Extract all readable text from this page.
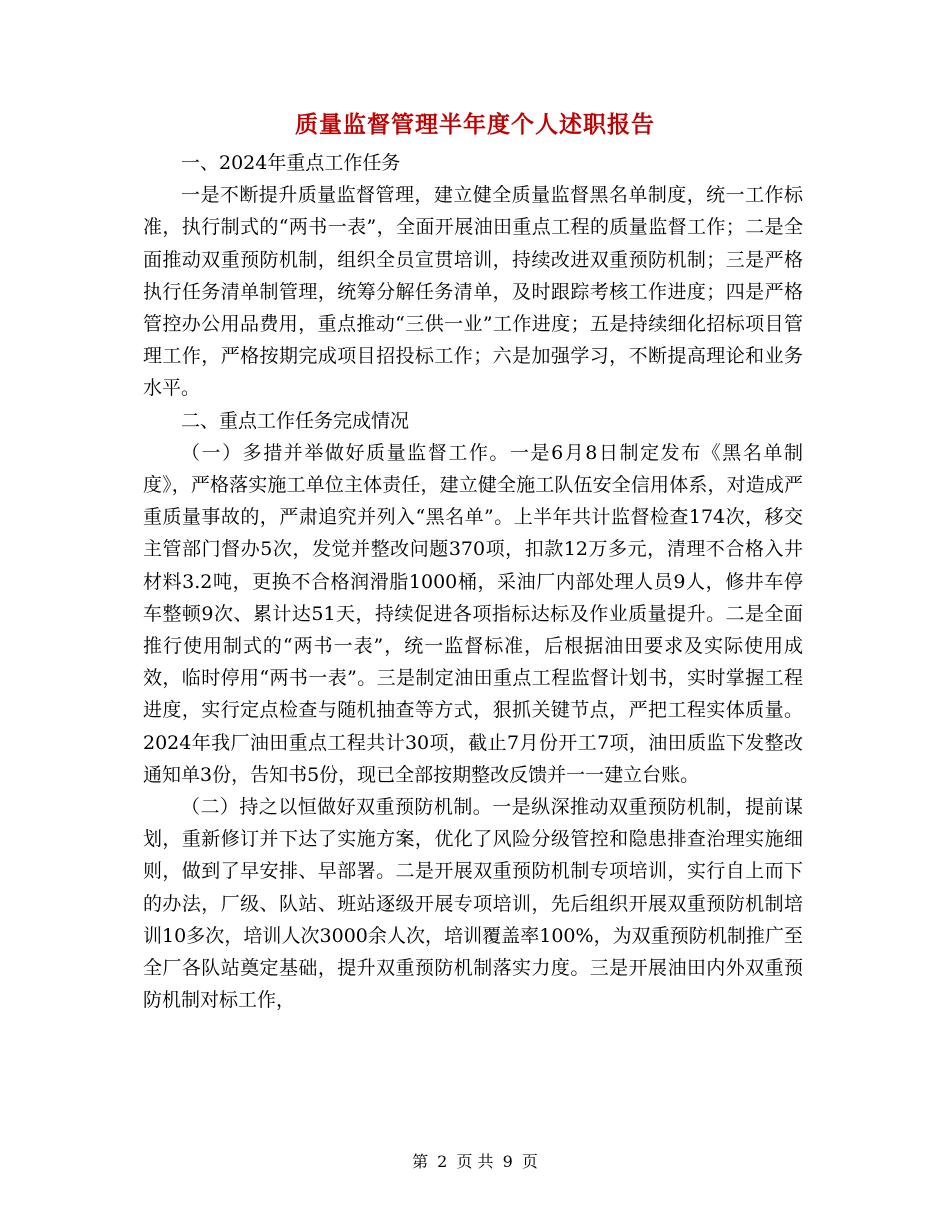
质量监督管理半年度个人述职报告

一、2024年重点工作任务

一是不断提升质量监督管理，建立健全质量监督黑名单制度，统一工作标准，执行制式的“两书一表”，全面开展油田重点工程的质量监督工作；二是全面推动双重预防机制，组织全员宣贯培训，持续改进双重预防机制；三是严格执行任务清单制管理，统筹分解任务清单，及时跟踪考核工作进度；四是严格管控办公用品费用，重点推动“三供一业”工作进度；五是持续细化招标项目管理工作，严格按期完成项目招投标工作；六是加强学习，不断提高理论和业务水平。

二、重点工作任务完成情况

（一）多措并举做好质量监督工作。一是6月8日制定发布《黑名单制度》，严格落实施工单位主体责任，建立健全施工队伍安全信用体系，对造成严重质量事故的，严肃追究并列入“黑名单”。上半年共计监督检查174次，移交主管部门督办5次，发觉并整改问题370项，扣款12万多元，清理不合格入井材料3.2吨，更换不合格润滑脂1000桶，采油厂内部处理人员9人，修井车停车整顿9次、累计达51天，持续促进各项指标达标及作业质量提升。二是全面推行使用制式的“两书一表”，统一监督标准，后根据油田要求及实际使用成效，临时停用“两书一表”。三是制定油田重点工程监督计划书，实时掌握工程进度，实行定点检查与随机抽查等方式，狠抓关键节点，严把工程实体质量。2024年我厂油田重点工程共计30项，截止7月份开工7项，油田质监下发整改通知单3份，告知书5份，现已全部按期整改反馈并一一建立台账。

（二）持之以恒做好双重预防机制。一是纵深推动双重预防机制，提前谋划，重新修订并下达了实施方案，优化了风险分级管控和隐患排查治理实施细则，做到了早安排、早部署。二是开展双重预防机制专项培训，实行自上而下的办法，厂级、队站、班站逐级开展专项培训，先后组织开展双重预防机制培训10多次，培训人次3000余人次，培训覆盖率100%，为双重预防机制推广至全厂各队站奠定基础，提升双重预防机制落实力度。三是开展油田内外双重预防机制对标工作，

第 2 页 共 9 页
